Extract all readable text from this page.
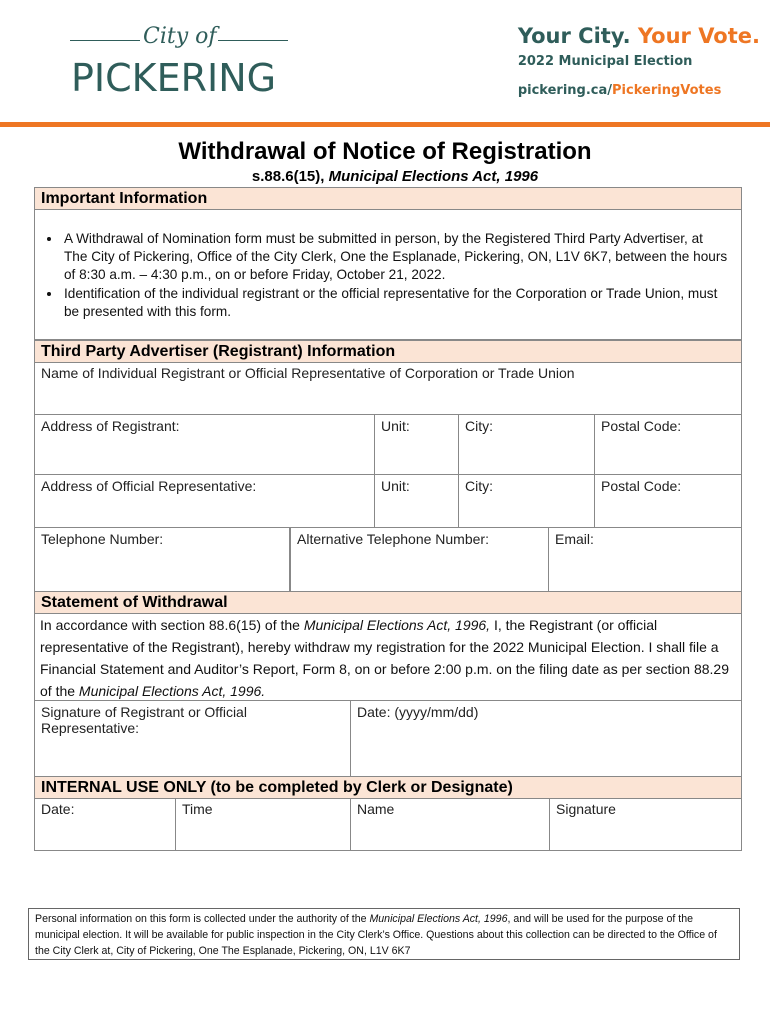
City of
PICKERING
Your City. Your Vote.
2022 Municipal Election
pickering.ca/PickeringVotes
Withdrawal of Notice of Registration
s.88.6(15), Municipal Elections Act, 1996
Important Information
• A Withdrawal of Nomination form must be submitted in person, by the Registered Third Party Advertiser, at The City of Pickering, Office of the City Clerk, One the Esplanade, Pickering, ON, L1V 6K7, between the hours of 8:30 a.m. – 4:30 p.m., on or before Friday, October 21, 2022.
• Identification of the individual registrant or the official representative for the Corporation or Trade Union, must be presented with this form.
Third Party Advertiser (Registrant) Information
Name of Individual Registrant or Official Representative of Corporation or Trade Union
Address of Registrant:	Unit:	City:	Postal Code:
Address of Official Representative:	Unit:	City:	Postal Code:
Telephone Number:	Alternative Telephone Number:	Email:
Statement of Withdrawal
In accordance with section 88.6(15) of the Municipal Elections Act, 1996, I, the Registrant (or official representative of the Registrant), hereby withdraw my registration for the 2022 Municipal Election. I shall file a Financial Statement and Auditor’s Report, Form 8, on or before 2:00 p.m. on the filing date as per section 88.29 of the Municipal Elections Act, 1996.
Signature of Registrant or Official Representative:
Date: (yyyy/mm/dd)
INTERNAL USE ONLY (to be completed by Clerk or Designate)
Date:	Time	Name	Signature
Personal information on this form is collected under the authority of the Municipal Elections Act, 1996, and will be used for the purpose of the municipal election. It will be available for public inspection in the City Clerk’s Office. Questions about this collection can be directed to the Office of the City Clerk at, City of Pickering, One The Esplanade, Pickering, ON, L1V 6K7
